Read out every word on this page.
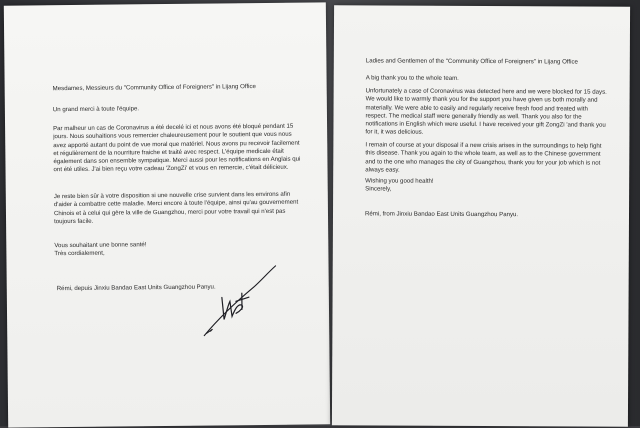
Mesdames, Messieurs du "Community Office of Foreigners" in Lijang Office
Un grand merci à toute l'équipe.
Par malheur un cas de Coronavirus a été decelé ici et nous avons été bloqué pendant 15
jours. Nous souhaitions vous remercier chaleureusement pour le soutient que vous nous
avez apporté autant du point de vue moral que matériel. Nous avons pu recevoir facilement
et régulièrement de la nourriture fraiche et traité avec respect. L'équipe medicale était
également dans son ensemble sympatique. Merci aussi pour les notifications en Anglais qui
ont été utiles. J'ai bien reçu votre cadeau 'ZongZi' et vous en remercie, c'était délicieux.
Je reste bien sûr à votre disposition si une nouvelle crise survient dans les environs afin
d'aider à combattre cette maladie. Merci encore à toute l'équipe, ainsi qu'au gouvernement
Chinois et à celui qui gère la ville de Guangzhou, merci pour votre travail qui n'est pas
toujours facile.
Vous souhaitant une bonne santé!
Très cordialement,
Rémi, depuis Jinxiu Bandao East Units Guangzhou Panyu.
Ladies and Gentlemen of the "Community Office of Foreigners" in Lijang Office
A big thank you to the whole team.
Unfortunately a case of Coronavirus was detected here and we were blocked for 15 days.
We would like to warmly thank you for the support you have given us both morally and
materially. We were able to easily and regularly receive fresh food and treated with
respect. The medical staff were generally friendly as well. Thank you also for the
notifications in English which were useful. I have received your gift ZongZi 'and thank you
for it, it was delicious.
I remain of course at your disposal if a new crisis arises in the surroundings to help fight
this disease. Thank you again to the whole team, as well as to the Chinese government
and to the one who manages the city of Guangzhou, thank you for your job which is not
always easy.
Wishing you good health!
Sincerely,
Rémi, from Jinxiu Bandao East Units Guangzhou Panyu.
